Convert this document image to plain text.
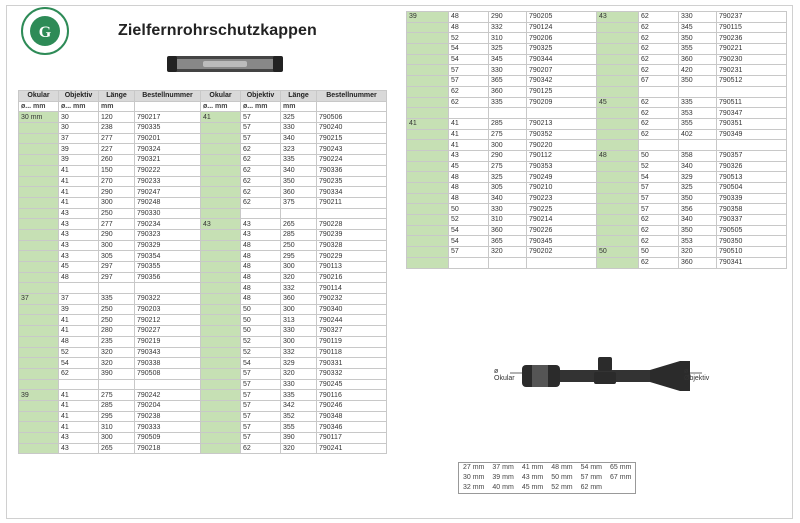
G	Zielfernrohrschutzkappen
Okular	Objektiv	Länge	Bestellnummer	Okular	Objektiv	Länge	Bestellnummer
ø... mm	ø... mm	mm		ø... mm	ø... mm	mm	
30 mm	30	120	790217	41	57	325	790506
	30	238	790335		57	330	790240
	37	277	790201		57	340	790215
	39	227	790324		62	323	790243
	39	260	790321		62	335	790224
	41	150	790222		62	340	790336
	41	270	790233		62	350	790235
	41	290	790247		62	360	790334
	41	300	790248		62	375	790211
	43	250	790330				
	43	277	790234	43	43	265	790228
	43	290	790323		43	285	790239
	43	300	790329		48	250	790328
	43	305	790354		48	295	790229
	45	297	790355		48	300	790113
	48	297	790356		48	320	790216
					48	332	790114
37	37	335	790322		48	360	790232
	39	250	790203		50	300	790340
	41	250	790212		50	313	790244
	41	280	790227		50	330	790327
	48	235	790219		52	300	790119
	52	320	790343		52	332	790118
	54	320	790338		54	329	790331
	62	390	790508		57	320	790332
					57	330	790245
39	41	275	790242		57	335	790116
	41	285	790204		57	342	790246
	41	295	790238		57	352	790348
	41	310	790333		57	355	790346
	43	300	790509		57	390	790117
	43	265	790218		62	320	790241
39	48	290	790205	43	62	330	790237
	48	332	790124		62	345	790115
	52	310	790206		62	350	790236
	54	325	790325		62	355	790221
	54	345	790344		62	360	790230
	57	330	790207		62	420	790231
	57	365	790342		67	350	790512
	62	360	790125				
	62	335	790209	45	62	335	790511
					62	353	790347
41	41	285	790213		62	355	790351
	41	275	790352		62	402	790349
	41	300	790220				
	43	290	790112	48	50	358	790357
	45	275	790353		52	340	790326
	48	325	790249		54	329	790513
	48	305	790210		57	325	790504
	48	340	790223		57	350	790339
	50	330	790225		57	356	790358
	52	310	790214		62	340	790337
	54	360	790226		62	350	790505
	54	365	790345		62	353	790350
	57	320	790202	50	50	320	790510
					62	360	790341
ø
Okular
ø
Øbjektiv
27 mm	37 mm	41 mm	48 mm	54 mm	65 mm
30 mm	39 mm	43 mm	50 mm	57 mm	67 mm
32 mm	40 mm	45 mm	52 mm	62 mm	
